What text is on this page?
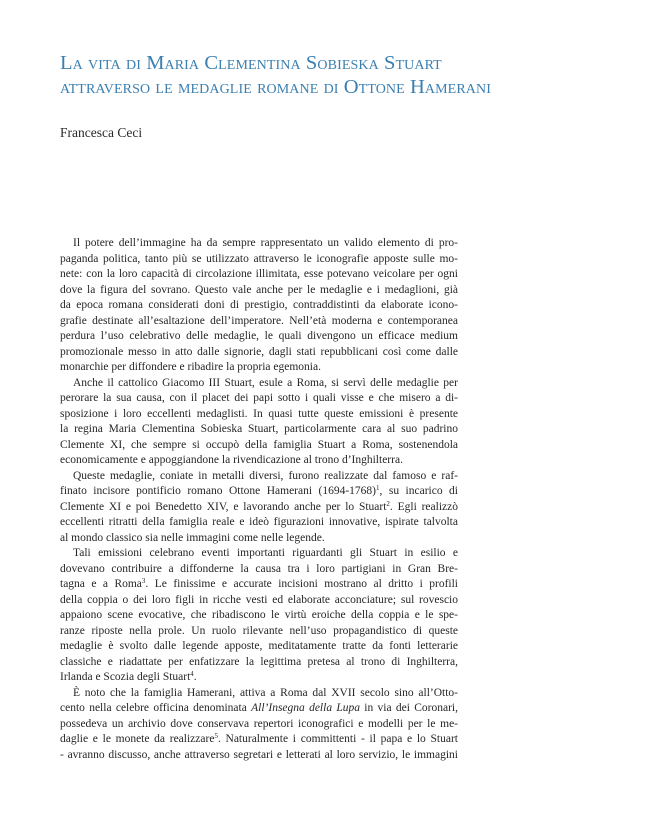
La vita di Maria Clementina Sobieska Stuart
attraverso le medaglie romane di Ottone Hamerani
Francesca Ceci
Il potere dell’immagine ha da sempre rappresentato un valido elemento di pro-
paganda politica, tanto più se utilizzato attraverso le iconografie apposte sulle mo-
nete: con la loro capacità di circolazione illimitata, esse potevano veicolare per ogni
dove la figura del sovrano. Questo vale anche per le medaglie e i medaglioni, già
da epoca romana considerati doni di prestigio, contraddistinti da elaborate icono-
grafie destinate all’esaltazione dell’imperatore. Nell’età moderna e contemporanea
perdura l’uso celebrativo delle medaglie, le quali divengono un efficace medium
promozionale messo in atto dalle signorie, dagli stati repubblicani così come dalle
monarchie per diffondere e ribadire la propria egemonia.
Anche il cattolico Giacomo III Stuart, esule a Roma, si servì delle medaglie per
perorare la sua causa, con il placet dei papi sotto i quali visse e che misero a di-
sposizione i loro eccellenti medaglisti. In quasi tutte queste emissioni è presente
la regina Maria Clementina Sobieska Stuart, particolarmente cara al suo padrino
Clemente XI, che sempre si occupò della famiglia Stuart a Roma, sostenendola
economicamente e appoggiandone la rivendicazione al trono d’Inghilterra.
Queste medaglie, coniate in metalli diversi, furono realizzate dal famoso e raf-
finato incisore pontificio romano Ottone Hamerani (1694-1768)$^1$, su incarico di
Clemente XI e poi Benedetto XIV, e lavorando anche per lo Stuart$^2$. Egli realizzò
eccellenti ritratti della famiglia reale e ideò figurazioni innovative, ispirate talvolta
al mondo classico sia nelle immagini come nelle legende.
Tali emissioni celebrano eventi importanti riguardanti gli Stuart in esilio e
dovevano contribuire a diffonderne la causa tra i loro partigiani in Gran Bre-
tagna e a Roma$^3$. Le finissime e accurate incisioni mostrano al dritto i profili
della coppia o dei loro figli in ricche vesti ed elaborate acconciature; sul rovescio
appaiono scene evocative, che ribadiscono le virtù eroiche della coppia e le spe-
ranze riposte nella prole. Un ruolo rilevante nell’uso propagandistico di queste
medaglie è svolto dalle legende apposte, meditatamente tratte da fonti letterarie
classiche e riadattate per enfatizzare la legittima pretesa al trono di Inghilterra,
Irlanda e Scozia degli Stuart$^4$.
È noto che la famiglia Hamerani, attiva a Roma dal XVII secolo sino all’Otto-
cento nella celebre officina denominata All’Insegna della Lupa in via dei Coronari,
possedeva un archivio dove conservava repertori iconografici e modelli per le me-
daglie e le monete da realizzare$^5$. Naturalmente i committenti - il papa e lo Stuart
- avranno discusso, anche attraverso segretari e letterati al loro servizio, le immagini
